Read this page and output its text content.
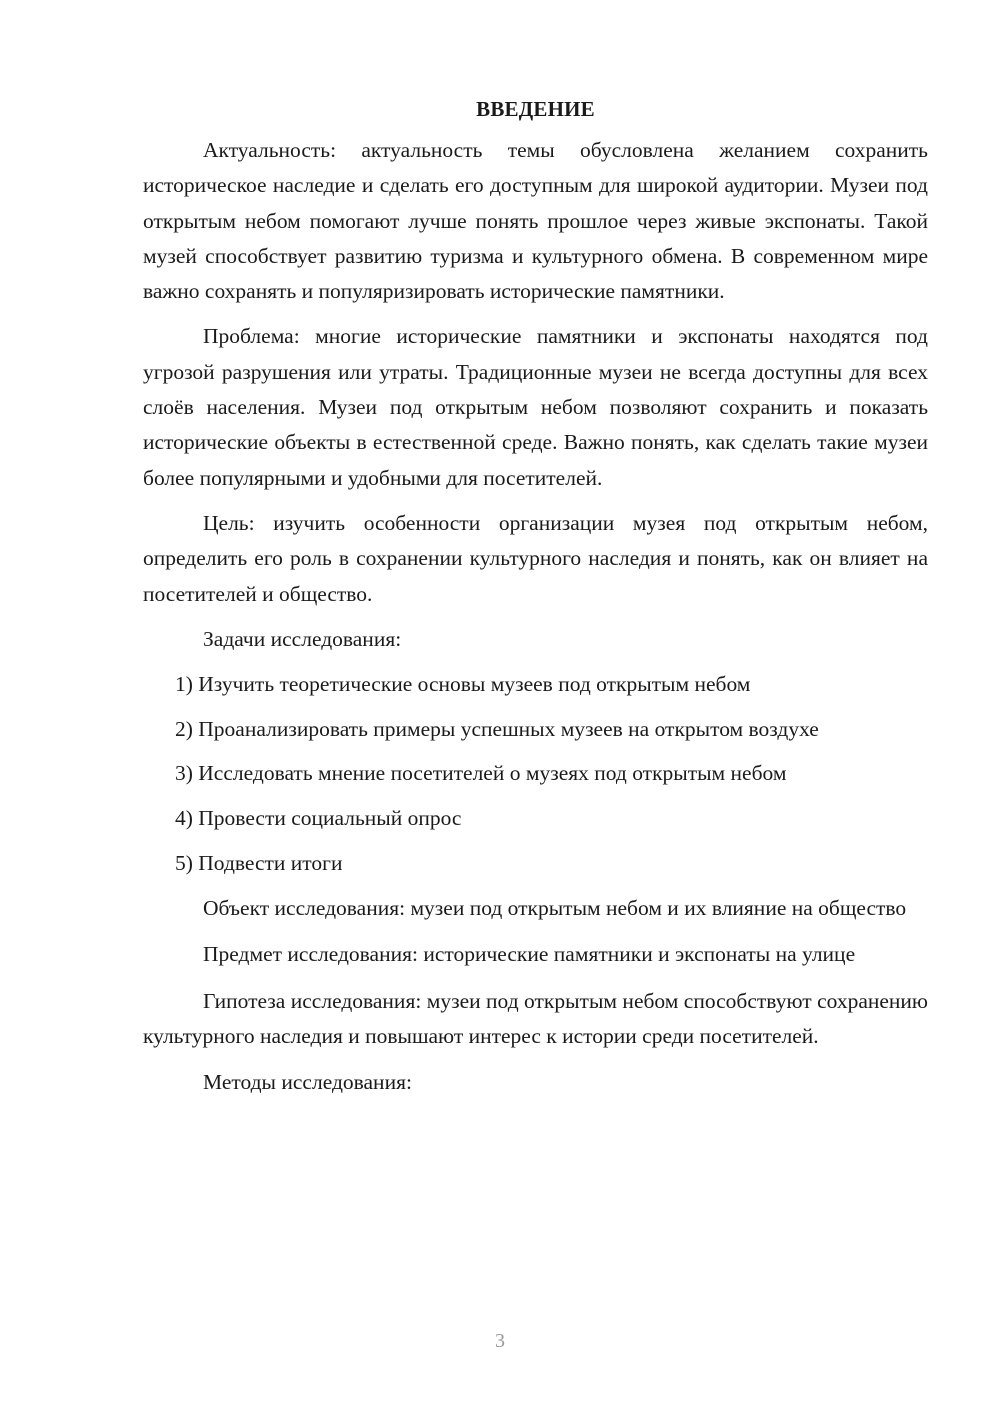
ВВЕДЕНИЕ

Актуальность: актуальность темы обусловлена желанием сохранить историческое наследие и сделать его доступным для широкой аудитории. Музеи под открытым небом помогают лучше понять прошлое через живые экспонаты. Такой музей способствует развитию туризма и культурного обмена. В современном мире важно сохранять и популяризировать исторические памятники.

Проблема: многие исторические памятники и экспонаты находятся под угрозой разрушения или утраты. Традиционные музеи не всегда доступны для всех слоёв населения. Музеи под открытым небом позволяют сохранить и показать исторические объекты в естественной среде. Важно понять, как сделать такие музеи более популярными и удобными для посетителей.

Цель: изучить особенности организации музея под открытым небом, определить его роль в сохранении культурного наследия и понять, как он влияет на посетителей и общество.

Задачи исследования:

1) Изучить теоретические основы музеев под открытым небом
2) Проанализировать примеры успешных музеев на открытом воздухе
3) Исследовать мнение посетителей о музеях под открытым небом
4) Провести социальный опрос
5) Подвести итоги

Объект исследования: музеи под открытым небом и их влияние на общество

Предмет исследования: исторические памятники и экспонаты на улице

Гипотеза исследования: музеи под открытым небом способствуют сохранению культурного наследия и повышают интерес к истории среди посетителей.

Методы исследования:

3
